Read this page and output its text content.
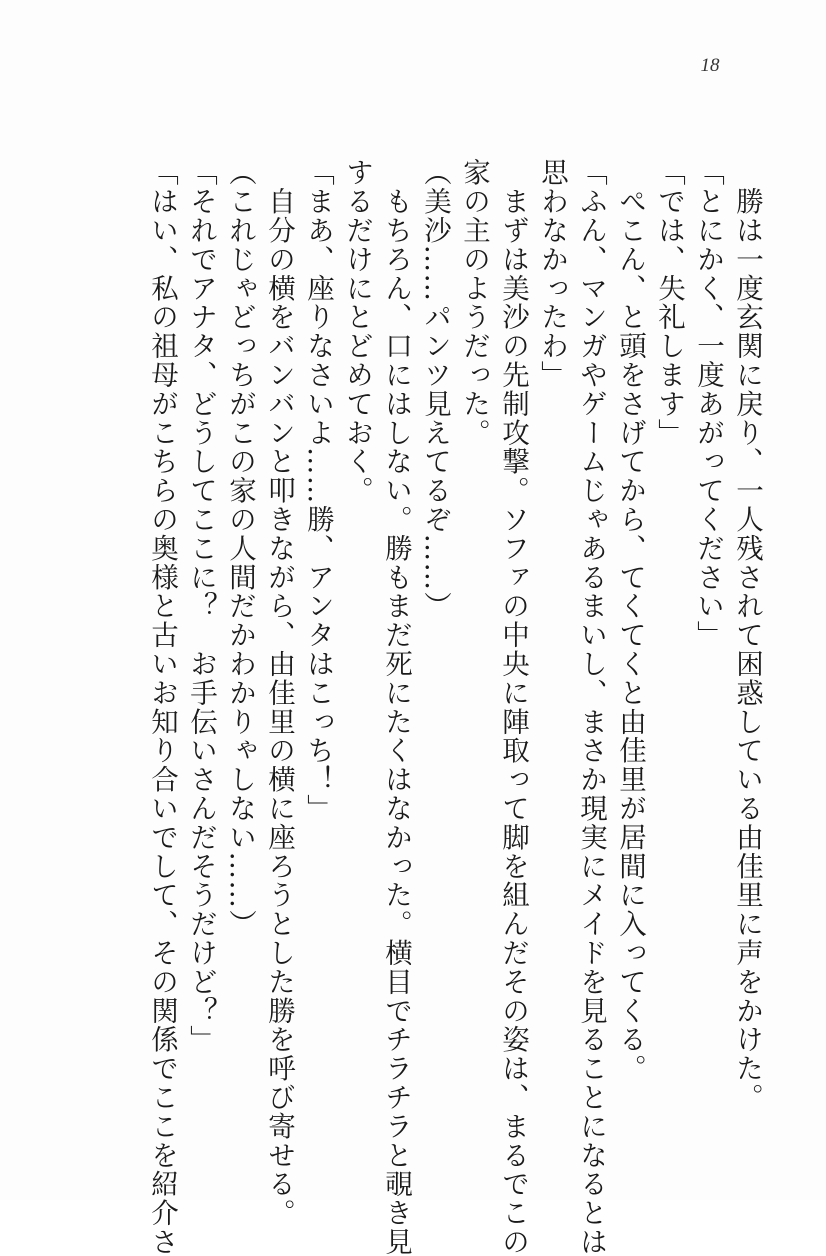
18
　勝は一度玄関に戻り、一人残されて困惑している由佳里に声をかけた。
「とにかく、一度あがってください」
「では、失礼します」
　ぺこん、と頭をさげてから、てくてくと由佳里が居間に入ってくる。
「ふん、マンガやゲームじゃあるまいし、まさか現実にメイドを見ることになるとは
思わなかったわ」
　まずは美沙の先制攻撃。ソファの中央に陣取って脚を組んだその姿は、まるでこの
家の主のようだった。
（美沙……パンツ見えてるぞ……）
　もちろん、口にはしない。勝もまだ死にたくはなかった。横目でチラチラと覗き見
するだけにとどめておく。
「まあ、座りなさいよ……勝、アンタはこっち！」
　自分の横をバンバンと叩きながら、由佳里の横に座ろうとした勝を呼び寄せる。
（これじゃどっちがこの家の人間だかわかりゃしない……）
「それでアナタ、どうしてここに？　お手伝いさんだそうだけど？」
「はい、私の祖母がこちらの奥様と古いお知り合いでして、その関係でここを紹介さ
